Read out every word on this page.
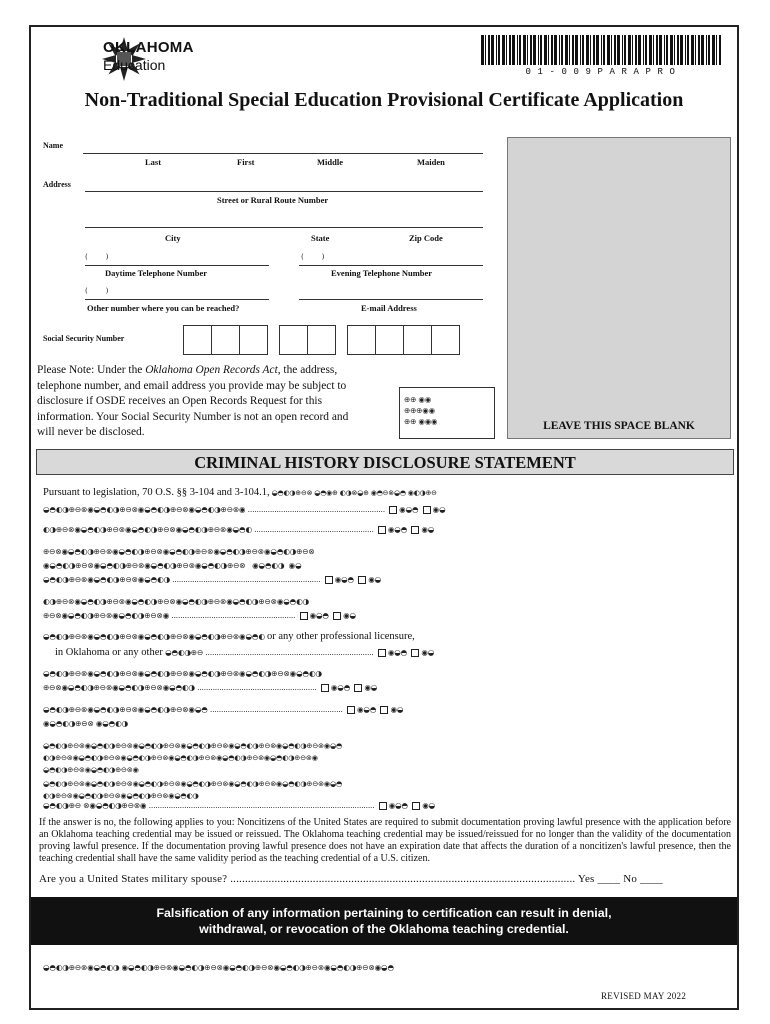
OKLAHOMA
Education	01-009PARAPRO
Non-Traditional Special Education Provisional Certificate Application
Name
Last	First	Middle	Maiden
Address
Street or Rural Route Number
City	State	Zip Code
(         )
Daytime Telephone Number
(         )
Evening Telephone Number
(         )
Other number where you can be reached?	E-mail Address
Social Security Number
Please Note: Under the Oklahoma Open Records Act, the address, telephone number, and email address you provide may be subject to disclosure if OSDE receives an Open Records Request for this information. Your Social Security Number is not an open record and will never be disclosed.
⊕⊕ ◉◉
⊕⊕⊕◉◉
⊕⊕ ◉◉◉	LEAVE THIS SPACE BLANK
CRIMINAL HISTORY DISCLOSURE STATEMENT
Pursuant to legislation, 70 O.S. §§ 3-104 and 3-104.1, ◒◓◐◑⊕⊖⊗ ◒◓◉⊕ ◐◑⊗◒⊕ ◉◓⊖⊗◒◓ ◉◐◑⊕⊖
◒◓◐◑⊕⊖⊗◉◒◓◐◑⊕⊖⊗◉◒◓◐◑⊕⊖⊗◉◒◓◐◑⊕⊖⊗◉ .............................................................. ◉◒◓ ◉◒
◐◑⊕⊖⊗◉◒◓◐◑⊕⊖⊗◉◒◓◐◑⊕⊖⊗◉◒◓◐◑⊕⊖⊗◉◒◓◐ ...................................................... ◉◒◓ ◉◒
⊕⊖⊗◉◒◓◐◑⊕⊖⊗◉◒◓◐◑⊕⊖⊗◉◒◓◐◑⊕⊖⊗◉◒◓◐◑⊕⊖⊗◉◒◓◐◑⊕⊖⊗
◉◒◓◐◑⊕⊖⊗◉◒◓◐◑⊕⊖⊗◉◒◓◐◑⊕⊖⊗◉◒◓◐◑⊕⊖⊗   ◉◒◓◐◑  ◉◒
◒◓◐◑⊕⊖⊗◉◒◓◐◑⊕⊖⊗◉◒◓◐◑ ................................................................... ◉◒◓ ◉◒
◐◑⊕⊖⊗◉◒◓◐◑⊕⊖⊗◉◒◓◐◑⊕⊖⊗◉◒◓◐◑⊕⊖⊗◉◒◓◐◑⊕⊖⊗◉◒◓◐◑
⊕⊖⊗◉◒◓◐◑⊕⊖⊗◉◒◓◐◑⊕⊖⊗◉ ........................................................ ◉◒◓ ◉◒
◒◓◐◑⊕⊖⊗◉◒◓◐◑⊕⊖⊗◉◒◓◐◑⊕⊖⊗◉◒◓◐◑⊕⊖⊗◉◒◓◐ or any other professional licensure,
in Oklahoma or any other ◒◓◐◑⊕⊖ ............................................................................ ◉◒◓ ◉◒
◒◓◐◑⊕⊖⊗◉◒◓◐◑⊕⊖⊗◉◒◓◐◑⊕⊖⊗◉◒◓◐◑⊕⊖⊗◉◒◓◐◑⊕⊖⊗◉◒◓◐◑
⊕⊖⊗◉◒◓◐◑⊕⊖⊗◉◒◓◐◑⊕⊖⊗◉◒◓◐◑ ...................................................... ◉◒◓ ◉◒
◒◓◐◑⊕⊖⊗◉◒◓◐◑⊕⊖⊗◉◒◓◐◑⊕⊖⊗◉◒◓ ............................................................ ◉◒◓ ◉◒
◉◒◓◐◑⊕⊖⊗ ◉◒◓◐◑
◒◓◐◑⊕⊖⊗◉◒◓◐◑⊕⊖⊗◉◒◓◐◑⊕⊖⊗◉◒◓◐◑⊕⊖⊗◉◒◓◐◑⊕⊖⊗◉◒◓◐◑⊕⊖⊗◉◒◓
◐◑⊕⊖⊗◉◒◓◐◑⊕⊖⊗◉◒◓◐◑⊕⊖⊗◉◒◓◐◑⊕⊖⊗◉◒◓◐◑⊕⊖⊗◉◒◓◐◑⊕⊖⊗◉
◒◓◐◑⊕⊖⊗◉◒◓◐◑⊕⊖⊗◉
◒◓◐◑⊕⊖⊗◉◒◓◐◑⊕⊖⊗◉◒◓◐◑⊕⊖⊗◉◒◓◐◑⊕⊖⊗◉◒◓◐◑⊕⊖⊗◉◒◓◐◑⊕⊖⊗◉◒◓
◐◑⊕⊖⊗◉◒◓◐◑⊕⊖⊗◉◒◓◐◑⊕⊖⊗◉◒◓◐◑
◒◓◐◑⊕⊖ ⊗◉◒◓◐◑⊕⊖⊗◉ ...................................................................................................... ◉◒◓ ◉◒
If the answer is no, the following applies to you: Noncitizens of the United States are required to submit documentation proving lawful presence with the application before an Oklahoma teaching credential may be issued or reissued. The Oklahoma teaching credential may be issued/reissued for no longer than the validity of the documentation proving lawful presence. If the documentation proving lawful presence does not have an expiration date that affects the duration of a noncitizen's lawful presence, then the teaching credential shall have the same validity period as the teaching credential of a U.S. citizen.
Are you a United States military spouse? ..................................................................................................................... Yes ____ No ____
Falsification of any information pertaining to certification can result in denial,
withdrawal, or revocation of the Oklahoma teaching credential.
◒◓◐◑⊕⊖⊗◉◒◓◐◑ ◉◒◓◐◑⊕⊖⊗◉◒◓◐◑⊕⊖⊗◉◒◓◐◑⊕⊖⊗◉◒◓◐◑⊕⊖⊗◉◒◓◐◑⊕⊖⊗◉◒◓
REVISED MAY 2022
